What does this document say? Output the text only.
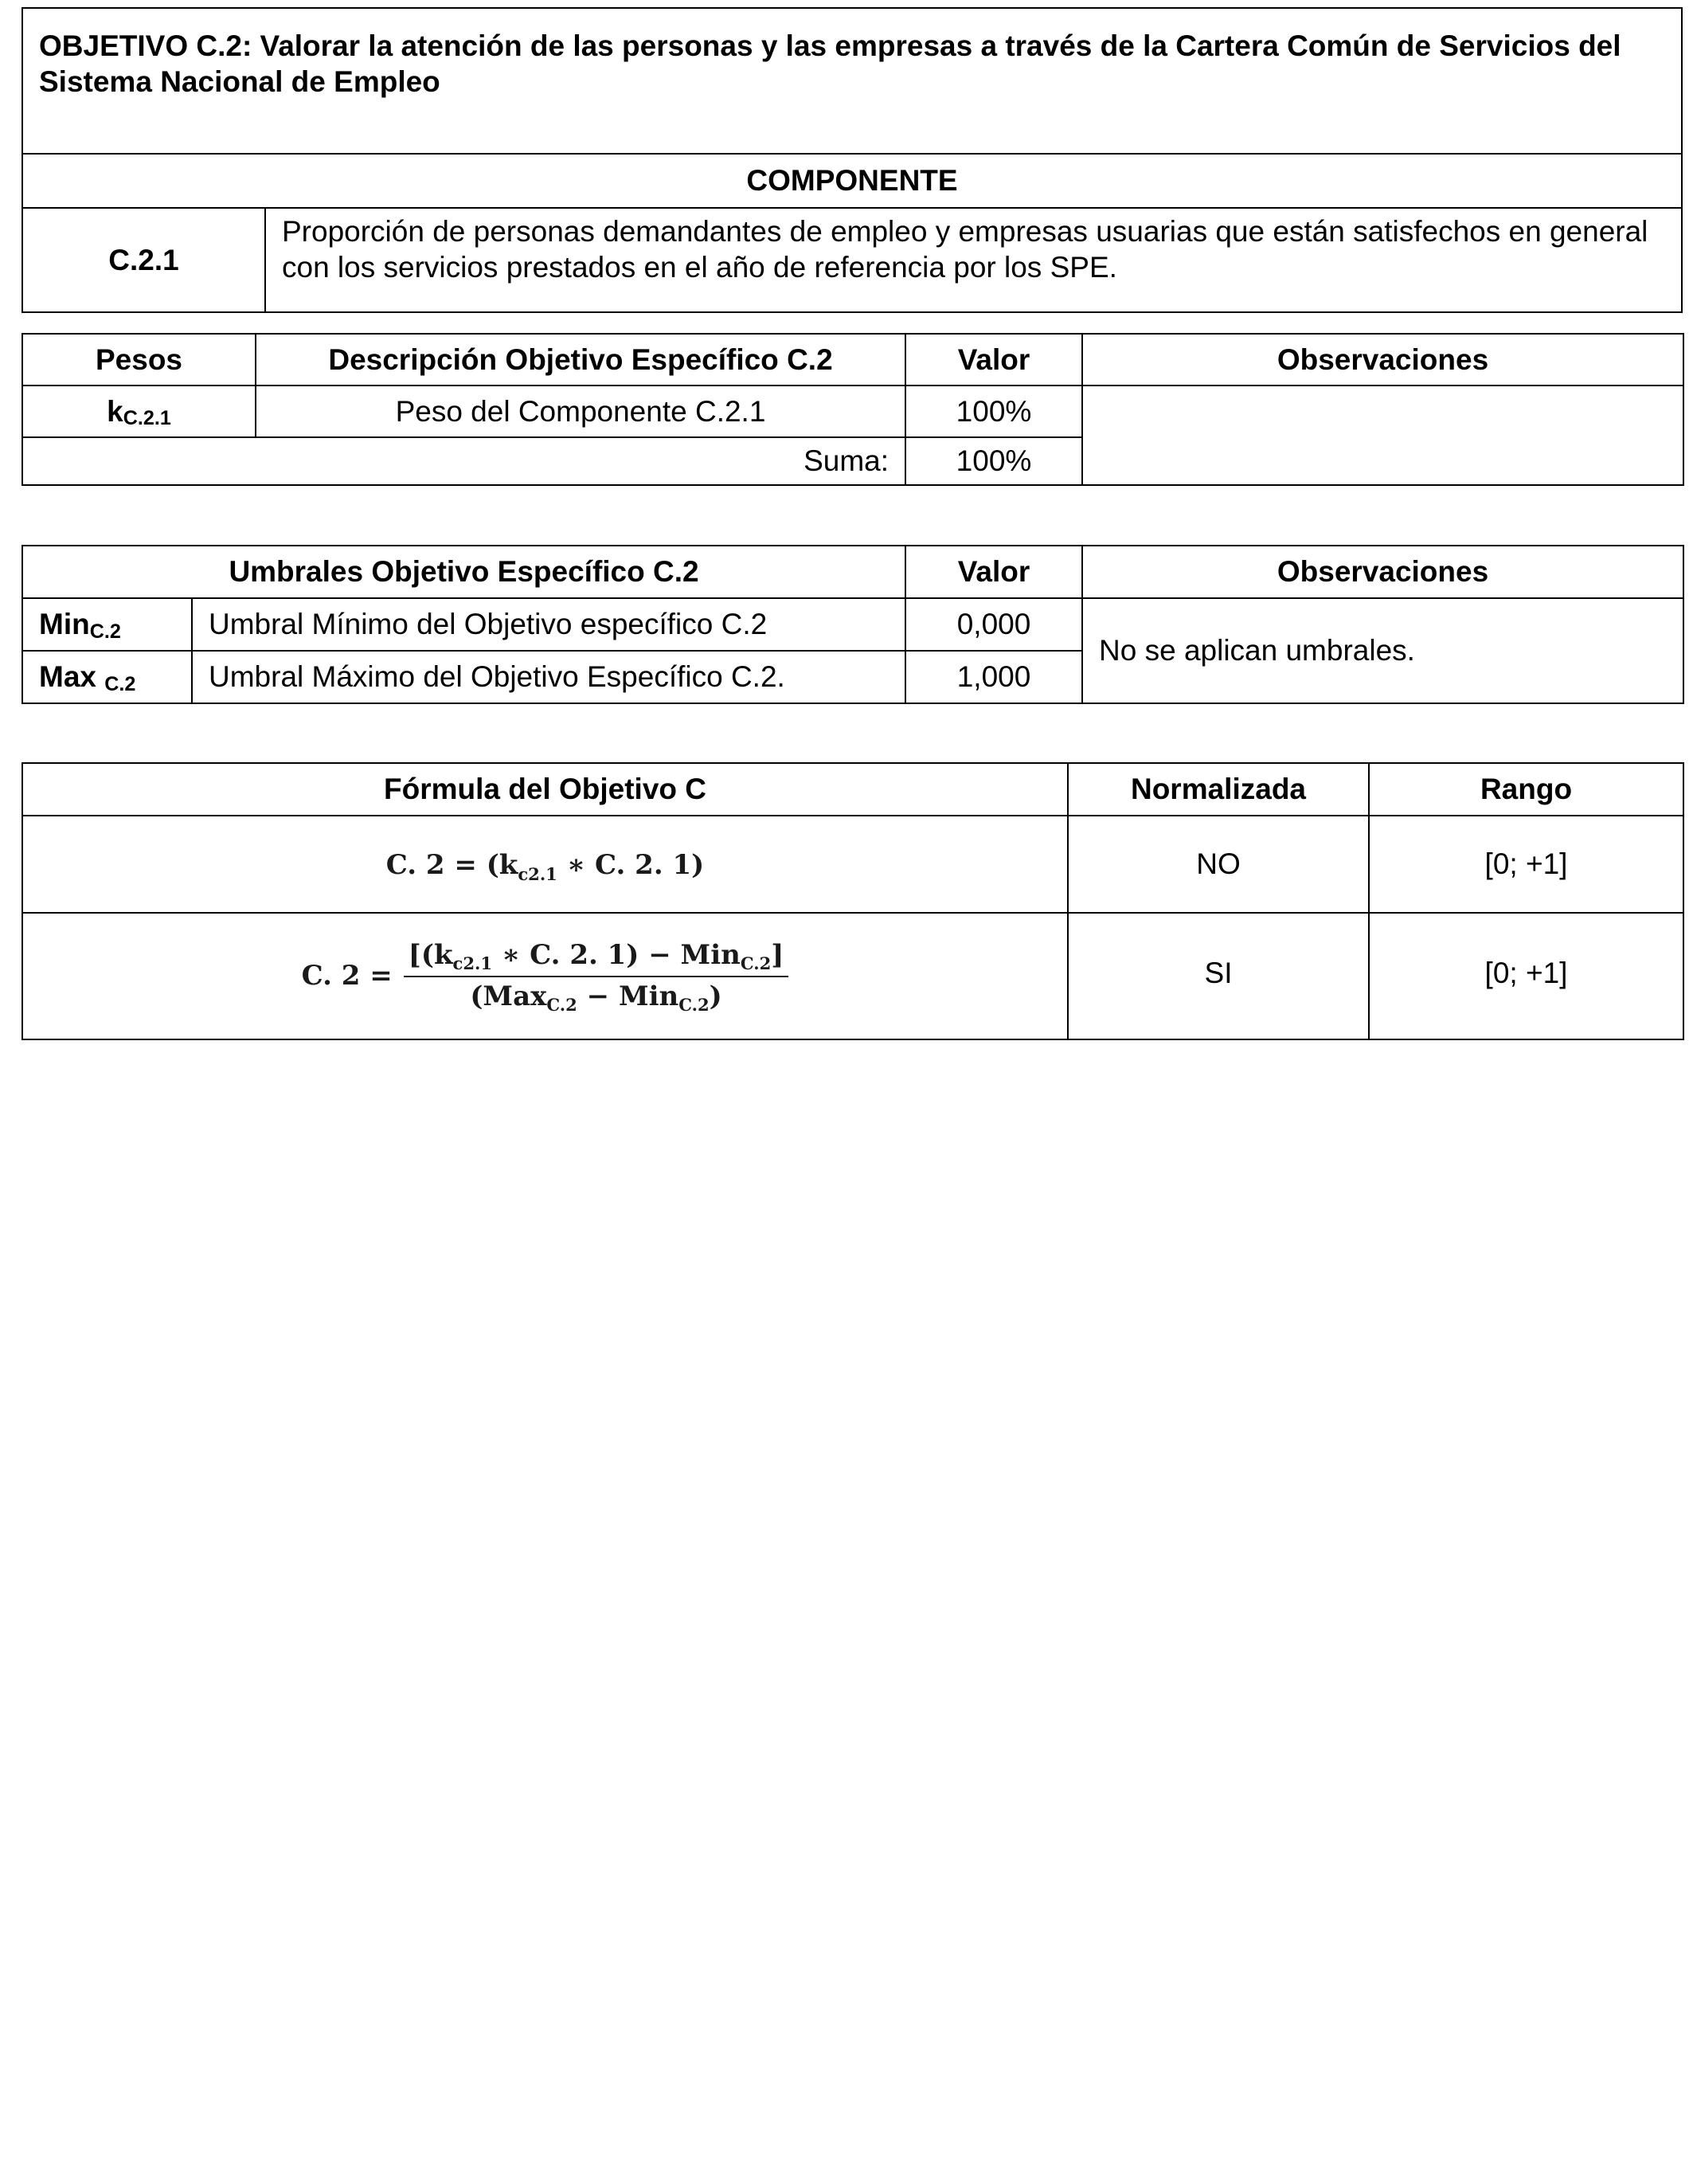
OBJETIVO C.2: Valorar la atención de las personas y las empresas a través de la Cartera Común de Servicios del Sistema Nacional de Empleo
COMPONENTE
C.2.1	Proporción de personas demandantes de empleo y empresas usuarias que están satisfechos en general con los servicios prestados en el año de referencia por los SPE.
Pesos	Descripción Objetivo Específico C.2	Valor	Observaciones
kC.2.1	Peso del Componente C.2.1	100%	
Suma:		100%	
Umbrales Objetivo Específico C.2		Valor	Observaciones
MinC.2	Umbral Mínimo del Objetivo específico C.2	0,000	No se aplican umbrales.
Max C.2	Umbral Máximo del Objetivo Específico C.2.	1,000	
Fórmula del Objetivo C	Normalizada	Rango
C. $2 = (k_{c2.1}$ ∗ C. 2. 1)	NO	[0; +1]

C. $2 = \frac{[(k_{c2.1} ∗ C. 2. 1) - Min_{C.2}]}{(Max_{C.2} - Min_{C.2})}$	SI	[0; +1]
